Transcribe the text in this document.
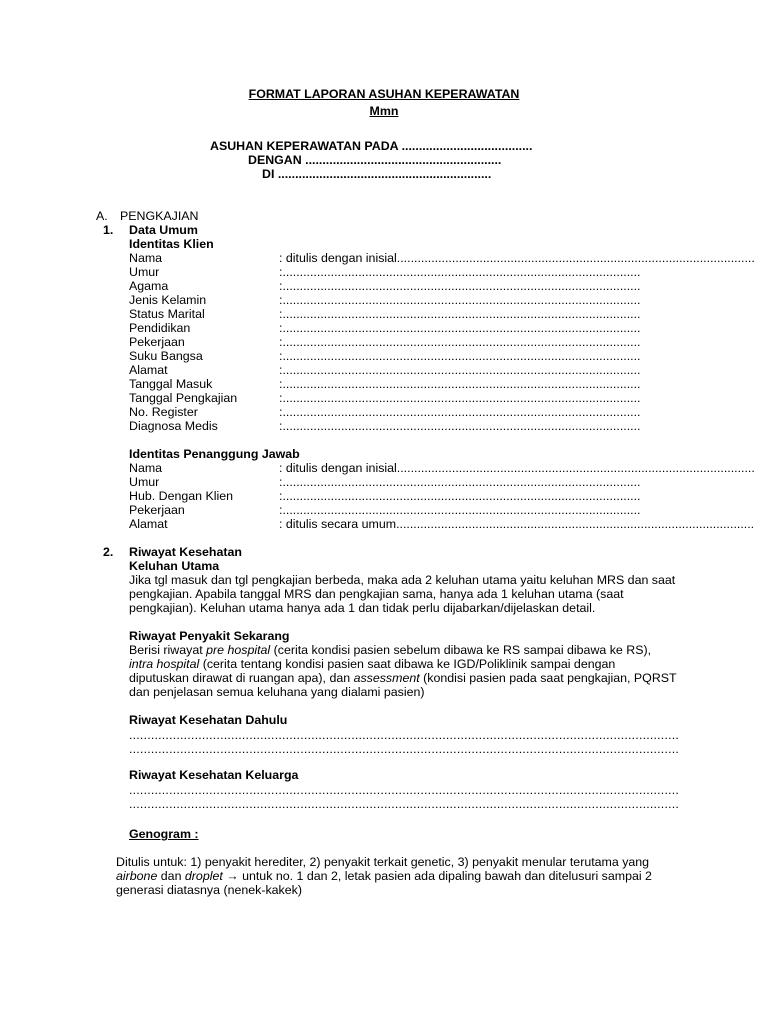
FORMAT LAPORAN ASUHAN KEPERAWATAN
Mmn
ASUHAN KEPERAWATAN PADA ......................................
DENGAN .........................................................
DI ..............................................................
A. PENGKAJIAN
1. Data Umum
Identitas Klien
Nama	: ditulis dengan inisial........................................................................................................
Umur	:........................................................................................................
Agama	:........................................................................................................
Jenis Kelamin	:........................................................................................................
Status Marital	:........................................................................................................
Pendidikan	:........................................................................................................
Pekerjaan	:........................................................................................................
Suku Bangsa	:........................................................................................................
Alamat	:........................................................................................................
Tanggal Masuk	:........................................................................................................
Tanggal Pengkajian	:........................................................................................................
No. Register	:........................................................................................................
Diagnosa Medis	:........................................................................................................
Identitas Penanggung Jawab
Nama	: ditulis dengan inisial........................................................................................................
Umur	:........................................................................................................
Hub. Dengan Klien	:........................................................................................................
Pekerjaan	:........................................................................................................
Alamat	: ditulis secara umum........................................................................................................
2. Riwayat Kesehatan
Keluhan Utama
Jika tgl masuk dan tgl pengkajian berbeda, maka ada 2 keluhan utama yaitu keluhan MRS dan saat pengkajian. Apabila tanggal MRS dan pengkajian sama, hanya ada 1 keluhan utama (saat pengkajian). Keluhan utama hanya ada 1 dan tidak perlu dijabarkan/dijelaskan detail.
Riwayat Penyakit Sekarang
Berisi riwayat pre hospital (cerita kondisi pasien sebelum dibawa ke RS sampai dibawa ke RS), intra hospital (cerita tentang kondisi pasien saat dibawa ke IGD/Poliklinik sampai dengan diputuskan dirawat di ruangan apa), dan assessment (kondisi pasien pada saat pengkajian, PQRST dan penjelasan semua keluhana yang dialami pasien)
Riwayat Kesehatan Dahulu
.......................................................................................................................................................
.......................................................................................................................................................
Riwayat Kesehatan Keluarga
.......................................................................................................................................................
.......................................................................................................................................................
Genogram :
Ditulis untuk: 1) penyakit herediter, 2) penyakit terkait genetic, 3) penyakit menular terutama yang airbone dan droplet → untuk no. 1 dan 2, letak pasien ada dipaling bawah dan ditelusuri sampai 2 generasi diatasnya (nenek-kakek)
